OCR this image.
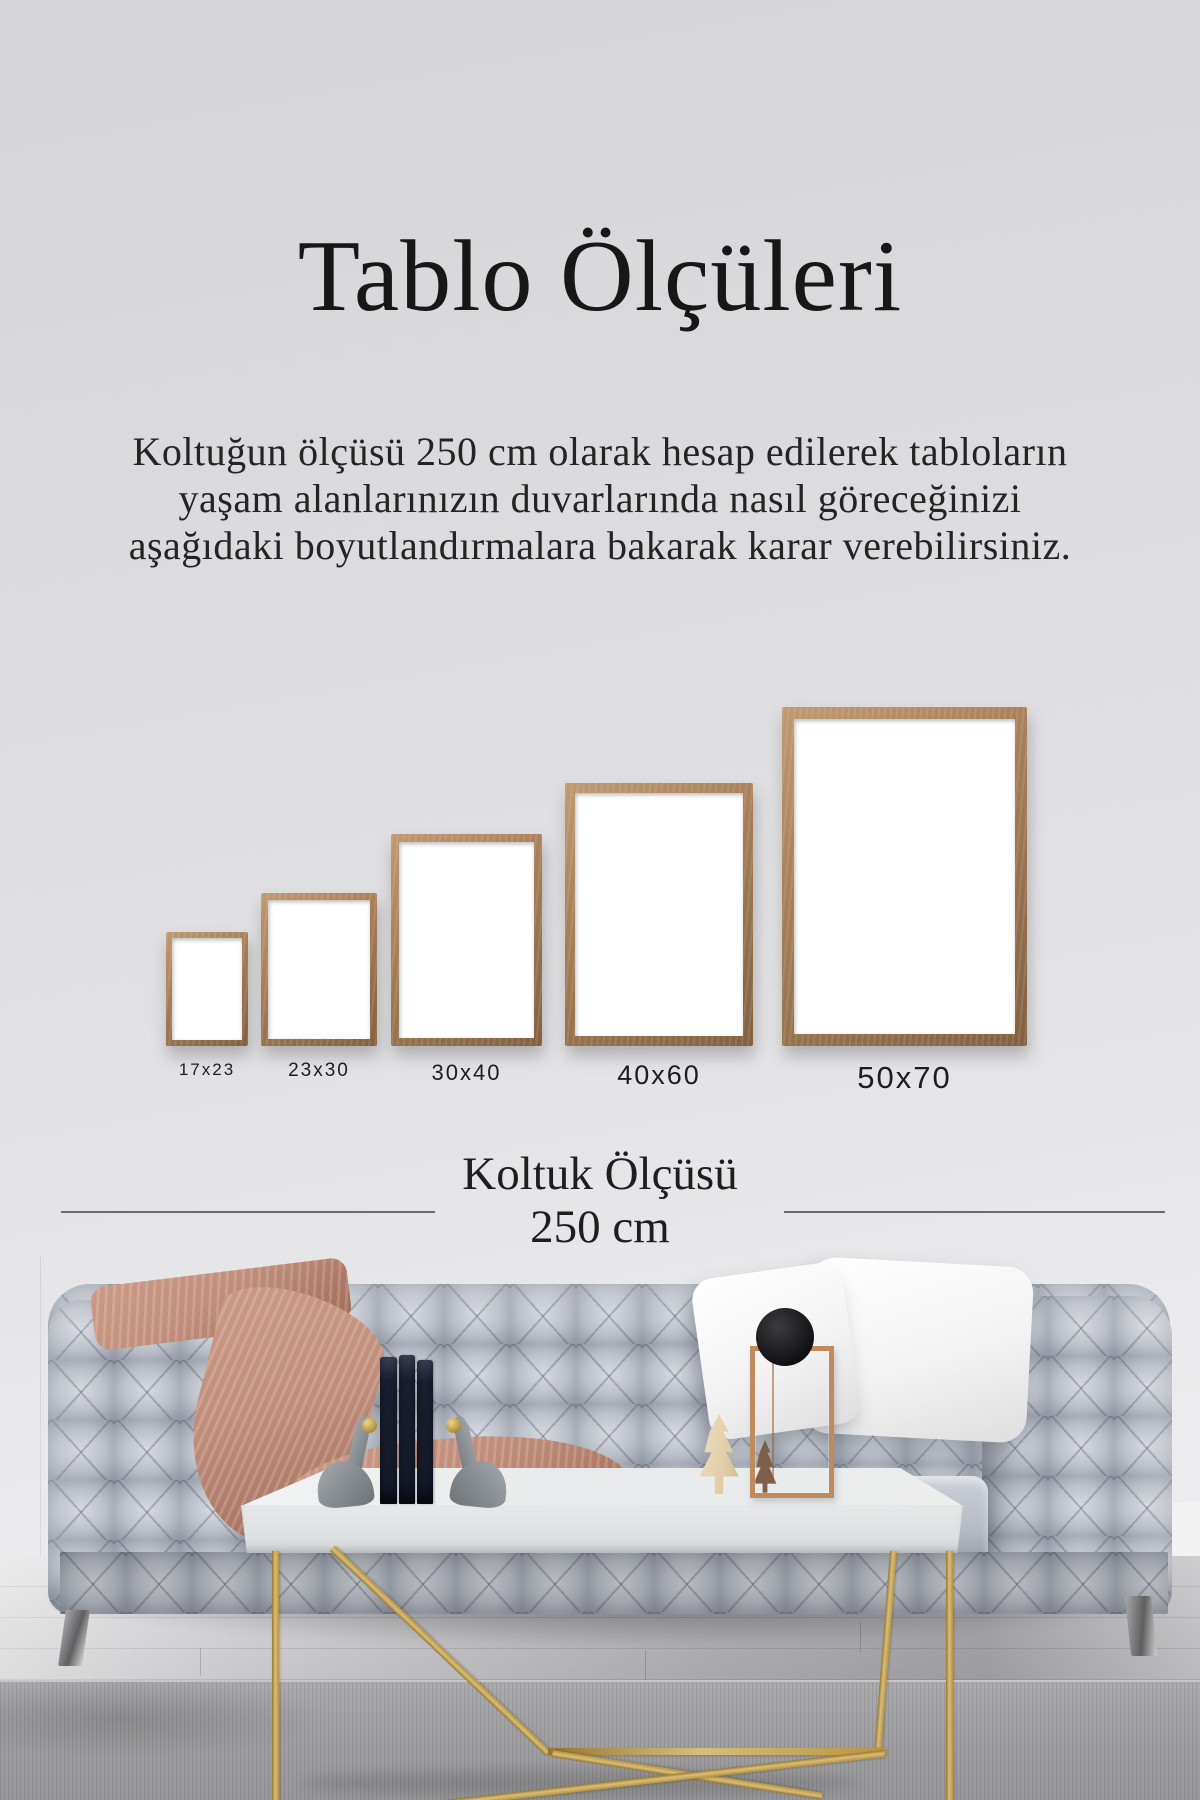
Tablo Ölçüleri

Koltuğun ölçüsü 250 cm olarak hesap edilerek tabloların
yaşam alanlarınızın duvarlarında nasıl göreceğinizi
aşağıdaki boyutlandırmalara bakarak karar verebilirsiniz.

17x23	23x30	30x40	40x60	50x70
Koltuk Ölçüsü
250 cm
